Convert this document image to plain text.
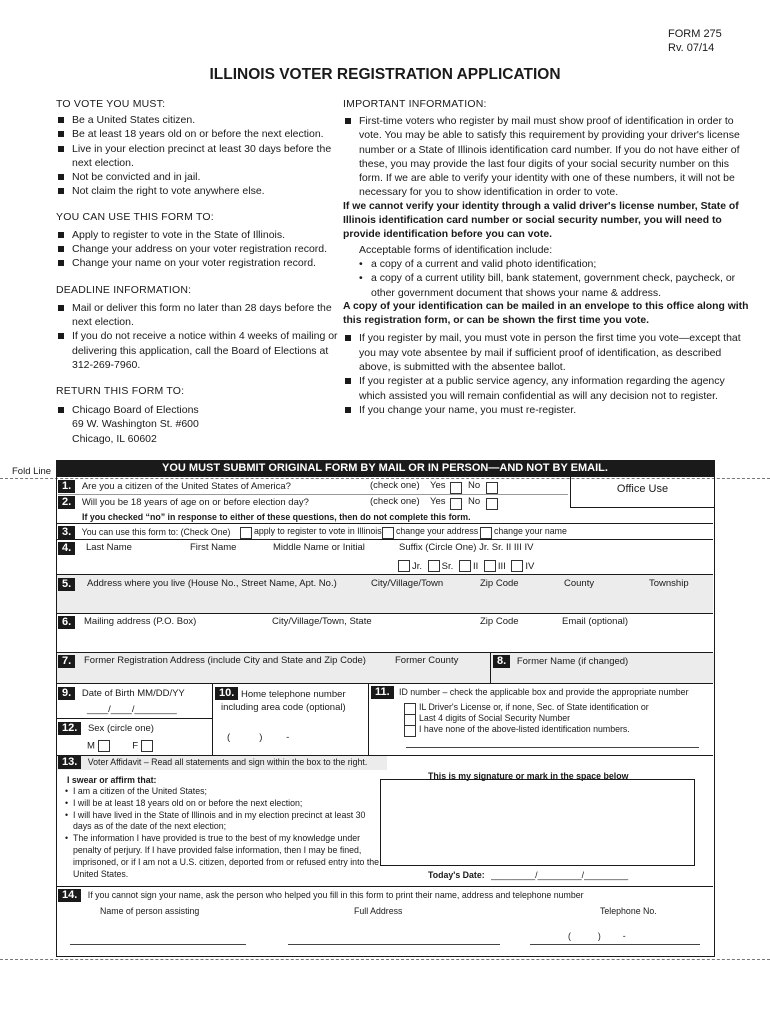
FORM 275
Rv. 07/14
ILLINOIS VOTER REGISTRATION APPLICATION
TO VOTE YOU MUST:
Be a United States citizen.
Be at least 18 years old on or before the next election.
Live in your election precinct at least 30 days before the next election.
Not be convicted and in jail.
Not claim the right to vote anywhere else.
YOU CAN USE THIS FORM TO:
Apply to register to vote in the State of Illinois.
Change your address on your voter registration record.
Change your name on your voter registration record.
DEADLINE INFORMATION:
Mail or deliver this form no later than 28 days before the next election.
If you do not receive a notice within 4 weeks of mailing or delivering this application, call the Board of Elections at 312-269-7960.
RETURN THIS FORM TO:
Chicago Board of Elections
69 W. Washington St. #600
Chicago, IL 60602
IMPORTANT INFORMATION:
First-time voters who register by mail must show proof of identification in order to vote. You may be able to satisfy this requirement by providing your driver's license number or a State of Illinois identification card number. If you do not have either of these, you may provide the last four digits of your social security number on this form. If we are able to verify your identity with one of these numbers, it will not be necessary for you to show identification in order to vote.
If we cannot verify your identity through a valid driver's license number, State of Illinois identification card number or social security number, you will need to provide identification before you can vote.
Acceptable forms of identification include:
• a copy of a current and valid photo identification;
• a copy of a current utility bill, bank statement, government check, paycheck, or other government document that shows your name & address.
A copy of your identification can be mailed in an envelope to this office along with this registration form, or can be shown the first time you vote.
If you register by mail, you must vote in person the first time you vote—except that you may vote absentee by mail if sufficient proof of identification, as described above, is submitted with the absentee ballot.
If you register at a public service agency, any information regarding the agency which assisted you will remain confidential as will any decision not to register.
If you change your name, you must re-register.
Fold Line	YOU MUST SUBMIT ORIGINAL FORM BY MAIL OR IN PERSON—AND NOT BY EMAIL.
Office Use
1. Are you a citizen of the United States of America?	(check one) Yes No
2. Will you be 18 years of age on or before election day?	(check one) Yes No
If you checked “no” in response to either of these questions, then do not complete this form.
3. You can use this form to: (Check One)	apply to register to vote in Illinois change your address change your name
4. Last Name	First Name	Middle Name or Initial	Suffix (Circle One) Jr. Sr. II III IV
Jr. Sr. II III IV
5. Address where you live (House No., Street Name, Apt. No.)	City/Village/Town	Zip Code	County	Township
6. Mailing address (P.O. Box)	City/Village/Town, State	Zip Code	Email (optional)
7. Former Registration Address (include City and State and Zip Code)	Former County	8. Former Name (if changed)
9. Date of Birth MM/DD/YY
____/____/________
12. Sex (circle one)
M	F
10. Home telephone number including area code (optional)
(           )         -
11.	ID number – check the applicable box and provide the appropriate number
IL Driver's License or, if none, Sec. of State identification or
Last 4 digits of Social Security Number
I have none of the above-listed identification numbers.
13. Voter Affidavit – Read all statements and sign within the box to the right.
I swear or affirm that:
• I am a citizen of the United States;
• I will be at least 18 years old on or before the next election;
• I will have lived in the State of Illinois and in my election precinct at least 30 days as of the date of the next election;
• The information I have provided is true to the best of my knowledge under penalty of perjury. If I have provided false information, then I may be fined, imprisoned, or if I am not a U.S. citizen, deported from or refused entry into the United States.
This is my signature or mark in the space below
Today's Date: _________/_________/_________
14. If you cannot sign your name, ask the person who helped you fill in this form to print their name, address and telephone number
Name of person assisting	Full Address	Telephone No.
(           )         -
